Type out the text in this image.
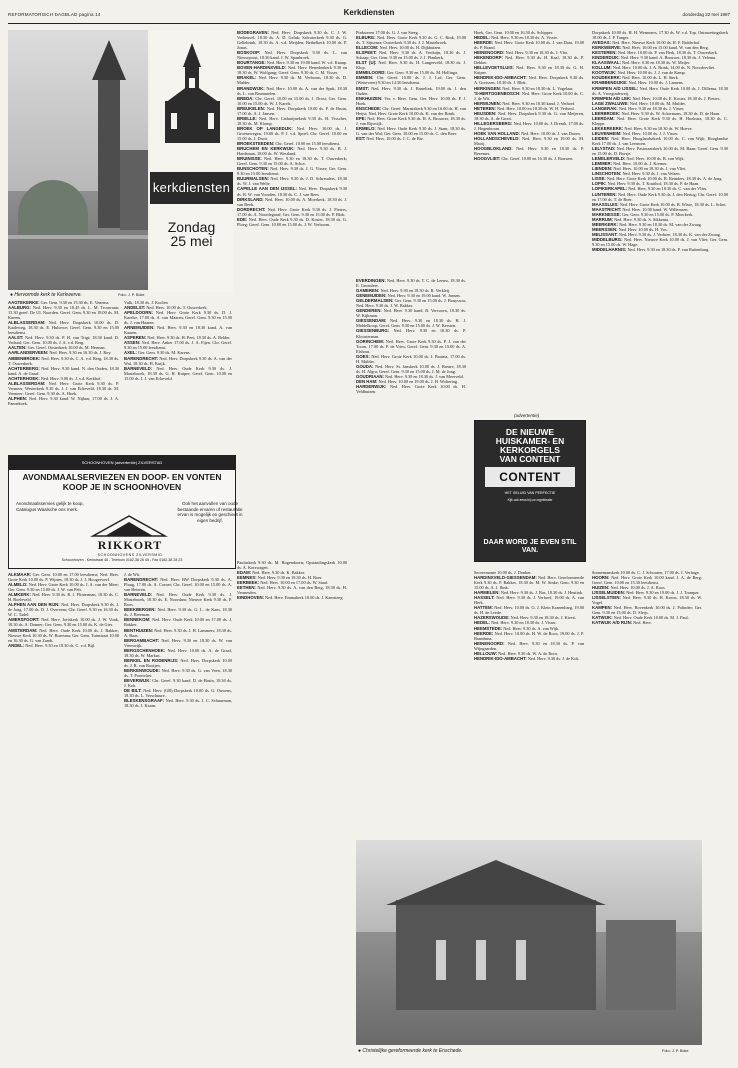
REFORMATORISCH DAGBLAD pagina 14	Kerkdiensten	donderdag 22 mei 1997
● Hervormde kerk te Kerkwerve.	Foto: J. P. Boke
kerkdiensten
Zondag
25 mei

AAGTEKERKE: Ger. Gem. 9.30 en 15.30 ds. E. Venema.

AALBURG: Ned. Herv. 9.30 en 18.45 ds. L. M. Trouwaan; 15.30 geref. De Ul. Noorden. Geref. Gem. 9.30 en 18.00 ds. M. Karens.

ALBLASSERDAM: Ned. Herv. Dorpskerk 10.00 ds. D. Kaaleweg, 18.30 ds. E. Hulsewe; Geref. Gem. 9.30 en 15.00 leesdienst.

AALST: Ned. Herv. 9.30 ds. P. H. van Trigt; 18.30 kand. D. Verhaal; Ger. Gem. 10.00 ds. J. A. v.d. Berg.

AALTEN: Ger. Geref. Oosterkerk 10.00 ds. M. Herman.

AARLANDERVEEN: Ned. Herv. 9.30 en 16.30 ds. J. Roy.

ABBENBROEK: Ned. Herv. 9.30 ds. C. A. v.d. Berg, 18.30 ds. T. Ouwerkerk.

ACHTERBERG: Ned. Herv. 9.30 kand. N. den Ouden, 18.30 kand. A. de Graaf.

ACHTERHOEK: Ned. Herv. 9.00 ds. J. v.d. Kerkhof.

ALBLASSERDAM: Ned. Herv. Grote Kerk 9.30 ds. P. Vermeer, Westerkerk 9.30 ds. J. J. van Eckeveld, 18.30 ds. M. Vermeer; Geref. Gem. 9.30 ds. A. Hoek.

ALPHEN: Ned. Herv. 9.30 kand. W. Nijlaar, 17.00 ds. J. A. Pannekoek.

Vulk, 18.30 ds. J. Koolen

ANDELST: Ned. Herv. 10.00 ds. T. Ouwerkerk.

APELDOORN: Ned. Herv. Grote Kerk 9.30 ds. D. J. Karelse, 17.00 ds. A. van Maaren; Geref. Gem. 9.30 en 15.00 ds. J. van Haaren.

ARNEMUIDEN: Ned. Herv. 9.30 en 18.30 kand. A. van Kaaren.

ASPEREN: Ned. Herv. 9.30 ds. H. Peet, 18.30 ds. A. Belder.

ASSEN: Ned. Herv. Anker 17.00 ds. J. A. Fijen. Chr. Geref. 9.30 en 15.00 leesdienst.

AXEL: Ger. Gem. 9.30 ds. M. Karens.

BARENDRECHT: Ned. Herv. Dorpskerk 9.30 ds. A. van der Wal, 18.30 ds. H. Kuijk.

BARNEVELD: Ned. Herv. Oude Kerk 9.30 ds. J. Mastebroek, 18.30 ds. G. H. Kuiper; Geref. Gem. 10.00 en 15.00 ds. J. J. van Eckeveld.

BODEGRAVEN: Ned. Herv. Dorpskerk 9.30 ds. C. J. W. Verheuvel, 18.30 ds. A. D. Geluk; Salvatorkerk 9.30 ds. G. Gellebrink, 18.30 ds. A. v.d. Meijden; Bethelkerk 10.00 ds. P. Jonas.

BOSKOOP: Ned. Herv. Dorpskerk 9.30 ds. L. van Nieuwpoort, 18.30 kand. J. W. Spanbroek.

BOURTANGE: Ned. Herv. 9.30 en 19.00 kand. W. v.d. Knaap.

BOVEN-HARDINXVELD: Ned. Herv. Benedenkerk 9.30 en 18.30 ds. W. Wolfgang; Geref. Gem. 9.30 ds. C. M. Visser.

BRAKEL: Ned. Herv. 9.30 ds. M. Verboom, 18.30 ds. D. Mulder.

BRANDWIJK: Ned. Herv. 10.00 ds. A. van der Spek, 18.30 ds. L. van Brummelen.

BREDA: Chr. Geref. 10.00 en 15.00 ds. J. Drost; Ger. Gem. 10.00 en 15.00 ds. W. J. Karels.

BREUKELEN: Ned. Herv. Dorpskerk 10.00 ds. P. de Bruin, 17.00 ds. A. J. Jansen.

BRIELLE: Ned. Herv. Catharijnekerk 9.30 ds. H. Visscher, 18.30 ds. M. Klomp.

BROEK OP LANGEDIJK: Ned. Herv. 10.00 ds. J. Groenewegen, 19.00 ds. P. J. v.d. Spoel; Chr. Geref. 10.00 en 15.00 ds. J. Drost.

BROEKSTEEDEN: Chr. Geref. 10.00 en 15.00 leesdienst.

BRUCHEM EN KERKWIJK: Ned. Herv. 9.30 ds. B. J. Hardeman, 18.00 ds. W. Westland.

BRUINISSE: Ned. Herv. 9.30 en 18.30 ds. T. Ouwerkerk; Geref. Gem. 9.30 en 15.00 ds. A. Schot.

BUNSCHOTEN: Ned. Herv. 9.30 ds. J. G. Visser; Ger. Gem. 9.30 en 15.00 leesdienst.

BUURMALSEN: Ned. Herv. 9.30 ds. J. D. Schreuders, 18.30 ds. W. J. van Welie.

CAPELLE AAN DEN IJSSEL: Ned. Herv. Dorpskerk 9.30 ds. B. W. van Voorden, 18.30 ds. C. J. van Rees.

DIRKSLAND: Ned. Herv. 10.00 ds. A. Moerkerk, 18.30 ds. J. van Beek.

DORDRECHT: Ned. Herv. Grote Kerk 9.30 ds. J. Pieters, 17.00 ds. A. Noordegraaf; Ger. Gem. 9.30 en 15.00 ds. P. Blok.

EDE: Ned. Herv. Oude Kerk 9.30 ds. D. Koster, 18.30 ds. G. Ploeg; Geref. Gem. 10.00 en 15.00 ds. J. W. Verboom.

Pinksteren 17.00 ds. G. J. van Steeg.

ELBURG: Ned. Herv. Grote Kerk 9.30 ds. G. C. Rink, 19.00 ds. T. Sijtsema; Oosterkerk 9.30 ds. J. J. Mastebroek.

ELLECOM: Ned. Herv. 10.00 ds. H. Dijkhuizen.

ELSPEET: Ned. Herv. 9.30 ds. A. Verduijn, 18.30 ds. J. Schaap; Ger. Gem. 9.30 en 15.00 ds. J. J. Plankerk.

ELST (U): Ned. Herv. 9.30 ds. H. Langerveld, 18.30 ds. J. Klop.

EMMELOORD: Ger. Gem. 9.30 en 15.00 ds. M. Hellinga.

EMMEN: Chr. Geref. 10.00 ds. J. J. Lof; Ger. Gem. (Weiteveen) 9.30 en 14.30 leesdienst.

EMST: Ned. Herv. 9.30 ds. J. Bartelink, 19.00 ds. J. den Ouden.

ENKHUIZEN: Ver. v. Herv. Gem. Ger. Herv. 10.00 ds. P. J. Hoek.

ENSCHEDE: Chr. Geref. Marnixkerk 9.30 en 16.00 ds. H. van Heijst; Ned. Herv. Grote Kerk 10.00 ds. K. van der Brink.

EPE: Ned. Herv. Grote Kerk 9.30 ds. H. A. Brouwer, 18.30 ds. J. van Rijswijk.

ERMELO: Ned. Herv. Oude Kerk 9.30 ds. J. Stam, 18.30 ds. G. van der Wal; Ger. Gem. 10.00 en 15.00 ds. C. den Boer.

EST: Ned. Herv. 10.00 ds. J. C. de Bie.

EVERDINGEN: Ned. Herv. 9.30 ds. T. C. de Leeuw, 18.30 ds. E. Groenleer.

GAMEREN: Ned. Herv. 9.30 en 18.30 ds. R. Verkleij.

GENEMUIDEN: Ned. Herv. 9.30 en 19.00 kand. W. Jansen.

GELDERMALSEN: Ger. Gem. 9.30 en 15.00 ds. J. Bouyssou; Ned. Herv. 9.30 ds. J. W. Bakker.

GENDEREN: Ned. Herv. 9.30 kand. B. Vervoorn, 18.30 ds. W. Kijkman.

GIESSENDAM: Ned. Herv. 9.30 en 18.30 ds. H. J. Middelkoop; Geref. Gem. 9.30 en 15.00 ds. J. W. Kersten.

GIESSENBURG: Ned. Herv. 9.30 en 18.30 ds. P. Kloosterman.

GORINCHEM: Ned. Herv. Grote Kerk 9.30 ds. P. J. van der Toorn, 17.00 ds. P. de Vries; Geref. Gem. 9.30 en 15.00 ds. A. Elshout.

GOES: Ned. Herv. Grote Kerk 10.00 ds. J. Bouma, 17.00 ds. H. Mulder.

GOUDA: Ned. Herv. St. Janskerk 10.00 ds. J. Breure, 18.30 ds. H. Algra; Geref. Gem. 9.30 en 15.00 ds. J. M. de Jong.

GOUDRIAAN: Ned. Herv. 9.30 en 18.30 ds. J. van Meerveld.

DEN HAM: Ned. Herv. 10.00 en 19.00 ds. J. H. Woltering.

HARDERWIJK: Ned. Herv. Grote Kerk 10.00 ds. H. Veldhuizen.

Hoek, Ger. Gem. 10.00 en 16.30 ds. Schipper.

HEDEL: Ned. Herv. 9.30 en 18.30 ds. A. Visser.

HEERDE: Ned. Herv. Grote Kerk 10.00 ds. J. van Dam, 19.00 ds. P. Brand.

HEINENOORD: Ned. Herv. 9.30 en 18.30 ds. J. Vlot.

HEKENDORP: Ned. Herv. 9.30 ds. H. Kaal, 18.30 ds. P. Dekker.

HELLEVOETSLUIS: Ned. Herv. 9.30 en 18.30 ds. G. H. Kuiper.

HENDRIK-IDO-AMBACHT: Ned. Herv. Dorpskerk 9.30 ds. A. Gorissen, 18.30 ds. J. Blok.

HERKINGEN: Ned. Herv. 9.30 en 18.30 ds. L. Vogelaar.

'S-HERTOGENBOSCH: Ned. Herv. Grote Kerk 10.00 ds. C. J. de Wit.

HERWIJNEN: Ned. Herv. 9.30 en 18.30 kand. J. Verhoef.

HETEREN: Ned. Herv. 10.00 en 18.30 ds. W. H. Verheul.

HEUSDEN: Ned. Herv. Dorpskerk 9.30 ds. G. van Meijeren, 18.30 ds. A. de Groot.

HILLEGERSBERG: Ned. Herv. 10.00 ds. J. Drenth, 17.00 ds. J. Hogenboom.

HOEK VAN HOLLAND: Ned. Herv. 10.00 ds. J. van Doorn.

HOLLANDSCHEVELD: Ned. Herv. 9.30 en 19.00 ds. M. Mooij.

HOOGBLOKLAND: Ned. Herv. 9.30 en 18.30 ds. P. Bezemer.

HOOGVLIET: Chr. Geref. 10.00 en 16.30 ds. J. Bouwen.

Seceremonie 10.00 ds. J. Donker.

HARDINXVELD-GIESSENDAM: Ned. Herv. Gereformeerde Kerk 9.30 ds. P. Bakker, 18.30 ds. M. W. Sinke; Gem. 9.30 en 15.00 ds. A. J. Ilink.

HARMELEN: Ned. Herv. 9.30 ds. J. Bas, 18.30 ds. J. Heutink.

HASSELT: Ned. Herv. 9.30 ds. J. Verhoef, 19.00 ds. A. van Herk.

HATTEM: Ned. Herv. 10.00 ds. G. J. Klein Kranenbarg, 19.00 ds. H. de Leede.

HAZERSWOUDE: Ned. Herv. 9.30 en 18.30 ds. J. Kievit.

HEDEL: Ned. Herv. 9.30 en 18.30 ds. J. Visser.

HEEMSTEDE: Ned. Herv. 9.30 ds. A. van Wijk.

HEERDE: Ned. Herv. 10.00 ds. H. W. de Roos, 19.00 ds. J. P. Brandsma.

HEINENOORD: Ned. Herv. 9.30 en 18.30 ds. P. van Wijngaarden.

HELLOUW: Ned. Herv. 9.30 ds. W. A. de Roos.

HENDRIK-IDO-AMBACHT: Ned. Herv. 9.30 ds. J. de Kok.

Sonnemanskerk 10.00 ds. C. J. Schouten, 17.00 ds. J. Verhage.

HOORN: Ned. Herv. Grote Kerk 10.00 kand. J. A. de Berg; Geref. Gem. 10.00 en 15.30 leesdienst.

HUIZEN: Ned. Herv. 10.00 ds. J. A. Roos.

IJSSELMUIDEN: Ned. Herv. 9.30 en 19.00 ds. J. J. Tramper.

IJSSELSTEIN: Ned. Herv. 9.30 ds. H. Kroon, 18.30 ds. W. Vogel.

KAMPEN: Ned. Herv. Bovenkerk 10.00 ds. J. Polinder; Ger. Gem. 9.30 en 15.00 ds. D. Sleijs.

KATWIJK: Ned. Herv. Oude Kerk 10.00 ds. M. J. Paul.

KATWIJK A/D RIJN: Ned. Herv.

Dorpskerk 10.00 ds. H. H. Wemmers, 17.30 ds. W. v.d. Top. Ontmoetingskerk 18.00 ds. J. P. Tanger.

AVEDAS: Ned. Herv. Nieuwe Kerk 10.00 ds. H. F. Ridderhof.

KERKWERVE: Ned. Herv. 10.00 en 15.00 kand. W. van den Berg.

KESTEREN: Ned. Herv. 10.00 ds. P. van Herk, 18.30 ds. T. Ouwerkerk.

KINDERDIJK: Ned. Herv. 9.30 kand. A. Brouwer, 18.30 ds. J. Velema.

KLAASWAAL: Ned. Herv. 9.30 en 18.30 ds. W. Meijer.

KOLLUM: Ned. Herv. 10.00 ds. J. A. Brink, 14.00 ds. N. Noordervliet.

KOOTWIJK: Ned. Herv. 10.00 ds. J. J. van de Kamp.

KOUDEKERK: Ned. Herv. 10.00 ds. L. H. Sterk.

KRABBENDIJKE: Ned. Herv. 10.00 ds. J. Lamens.

KRIMPEN A/D IJSSEL: Ned. Herv. Oude Kerk 10.00 ds. J. Dillema, 18.30 ds. A. Vroegindeweij.

KRIMPEN A/D LEK: Ned. Herv. 10.00 ds. E. Koster, 18.30 ds. J. Pieters.

LAGE ZWALUWE: Ned. Herv. 10.00 ds. M. Mulder.

LANGERAK: Ned. Herv. 9.30 en 18.30 ds. J. Visser.

LEERBROEK: Ned. Herv. 9.30 ds. W. Ackermans, 18.30 ds. D. de Haan.

LEERDAM: Ned. Herv. Grote Kerk 9.30 ds. H. Hoekstra, 18.30 ds. C. Kleppe.

LEKKERKERK: Ned. Herv. 9.30 en 18.30 ds. W. Hoeve.

LEUVENHEIM: Ned. Herv. 10.00 ds. J. J. Visser.

LEIDEN: Ned. Herv. Hooglandsekerk 10.00 ds. C. van Wijk; Hooglandse Kerk 17.00 ds. J. van Leeuwen.

LELYSTAD: Ned. Herv. Pastoraatskerk 10.00 ds. M. Baan; Geref. Gem. 9.30 en 15.00 ds. D. Borsje.

LEMELERVELD: Ned. Herv. 10.00 ds. B. van Wijk.

LEMMER: Ned. Herv. 10.00 ds. J. Kremer.

LIENDEN: Ned. Herv. 10.00 en 18.30 ds. J. van Vliet.

LINSCHOTEN: Ned. Herv. 9.30 ds. J. van Velzen.

LISSE: Ned. Herv. Grote Kerk 10.00 ds. B. Reinders, 18.30 ds. A. de Jong.

LOPIK: Ned. Herv. 9.30 ds. T. Kruithof, 18.30 ds. P. de Haan.

LOPIKERKAPEL: Ned. Herv. 9.30 en 18.30 ds. C. van der Vlies.

LUNTEREN: Ned. Herv. Oude Kerk 9.30 ds. J. den Hertog; Chr. Geref. 10.00 en 17.00 ds. T. de Boer.

MAASSLUIS: Ned. Herv. Grote Kerk 10.00 ds. B. Wisse, 18.30 ds. L. Schot.

MAASTRICHT: Ned. Herv. 10.00 kand. W. Willemsen.

MARKNESSE: Ger. Gem. 9.30 en 15.00 ds. P. Moerkerk.

MARRUM: Ned. Herv. 9.30 ds. S. Sikkema.

MEERKERK: Ned. Herv. 9.30 en 18.30 ds. M. van der Zwaag.

MEERSSEN: Ned. Herv. 10.00 ds. H. Vos.

MELISSANT: Ned. Herv. 9.30 ds. J. Verbree, 18.30 ds. K. van der Zwaag.

MIDDELBURG: Ned. Herv. Nieuwe Kerk 10.00 ds. J. van Vliet; Ger. Gem. 9.30 en 15.00 ds. W. Hage.

MIDDELHARNIS: Ned. Herv. 9.30 en 18.30 ds. P. van Ruitenburg.

ALKMAAR: Ger. Gem. 10.00 en 17.00 leesdienst; Ned. Herv. Grote Kerk 10.00 ds. P. Wijnen, 18.30 ds. J. J. Hoogerwerf.

ALMELO: Ned. Herv. Grote Kerk 10.00 ds. J. A. van der Meer; Ger. Gem. 9.30 en 15.00 ds. J. W. van Pelt.

ALMKERK: Ned. Herv. 9.30 ds. R. J. Flinterman, 18.30 ds. C. H. Roeleveld.

ALPHEN AAN DEN RIJN: Ned. Herv. Dorpskerk 9.30 ds. J. de Jong, 17.00 ds. D. J. Overeem; Chr. Geref. 9.30 en 16.30 ds. W. C. Tadel.

AMERSFOORT: Ned. Herv. Joriskerk 10.00 ds. J. W. Vonk, 18.30 ds. A. Donner; Ger. Gem. 9.30 en 15.00 ds. K. de Gier.

AMSTERDAM: Ned. Herv. Oude Kerk 10.00 ds. J. Bakker; Nieuwe Kerk 10.30 ds. W. Boersma; Ger. Gem. Tuinstraat 10.00 en 16.30 ds. G. van Zandt.

ANDEL: Ned. Herv. 9.30 en 18.30 ds. C. v.d. Bijl.

J. de Wit.

BARENDRECHT: Ned. Herv. BW Dorpskerk 9.30 ds. A. Pluug, 17.00 ds. A. Cornet; Chr. Geref. 10.00 en 15.00 ds. A. van Heteren.

BARNEVELD: Ned. Herv. Oude Kerk 9.30 ds. J. Mastebroek, 18.30 ds. E. Noordam; Nieuwe Kerk 9.30 ds. P. Roos.

BEEKBERGEN: Ned. Herv. 9.30 ds. G. L. de Kam, 18.30 ds. J. Breeman.

BENNEKOM: Ned. Herv. Oude Kerk 10.00 en 17.00 ds. J. Bakker.

BENTHUIZEN: Ned. Herv. 9.30 ds. J. H. Lammers, 18.30 ds. A. Baas.

BERGAMBACHT: Ned. Herv. 9.30 en 18.30 ds. W. van Vreeswijk.

BERGSCHENHOEK: Ned. Herv. 10.00 ds. A. de Graaf, 18.30 ds. W. Markus.

BERKEL EN RODENRIJS: Ned. Herv. Dorpskerk 10.00 ds. J. R. van Rooijen.

BERKENWOUDE: Ned. Herv. 9.30 ds. G. van Veen, 18.30 ds. T. Poortvliet.

BEVERWIJK: Chr. Geref. 9.30 kand. D. de Bruin, 18.30 ds. J. Kok.

DE BILT: Ned. Herv. (GB) Dorpskerk 10.00 ds. G. Ouwens, 18.30 ds. L. Verschuure.

BLESKENSGRAAF: Ned. Herv. 9.30 ds. J. C. Schuurman, 18.30 ds. J. Kraan.

Pauluskerk 9.30 ds. M. Hogendoorn; Opstandingskerk 10.00 ds. A. Korswagen.

EDAM: Ned. Herv. 9.30 ds. K. Bakker.

EEMNES: Ned. Herv. 9.30 en 18.30 ds. H. Boer.

EERBEEK: Ned. Herv. 10.00 en 17.00 ds. W. Staal.

EETHEN: Ned. Herv. 9.30 ds. A. van den Berg, 18.30 ds. H. Vermeulen.

EINDHOVEN: Ned. Herv. Emmakerk 10.00 ds. J. Kamsteeg.

SCHOONHOVEN (advertentie) ZILVERSTAD
AVONDMAALSERVIEZEN EN DOOP- EN VONTEN KOOP JE IN SCHOONHOVEN
Avondmaalsservies gelijk te koop, Catalogus Waalsche ons merk.
Ook het aanvullen van oude bestaande ervaren of restauratie ervan is mogelijk en geschiedt in eigen bedrijf.
RIKKORT
SCHOONHOVENS ZILVERSMID
Schoonhoven - Kerkstraat 48 - Telefoon 0182-38 26 45 - Fax 0182-38 28 23
(advertentie)
DE NIEUWE
HUISKAMER- EN
KERKORGELS
VAN CONTENT
CONTENT
HET GELUID VAN PERFECTIE
Kijk ook eens bij uw orgeldealer
DAAR WORD JE EVEN STIL VAN.
● Christelijke gereformeerde kerk te Enschede.	Foto: J. P. Boke
